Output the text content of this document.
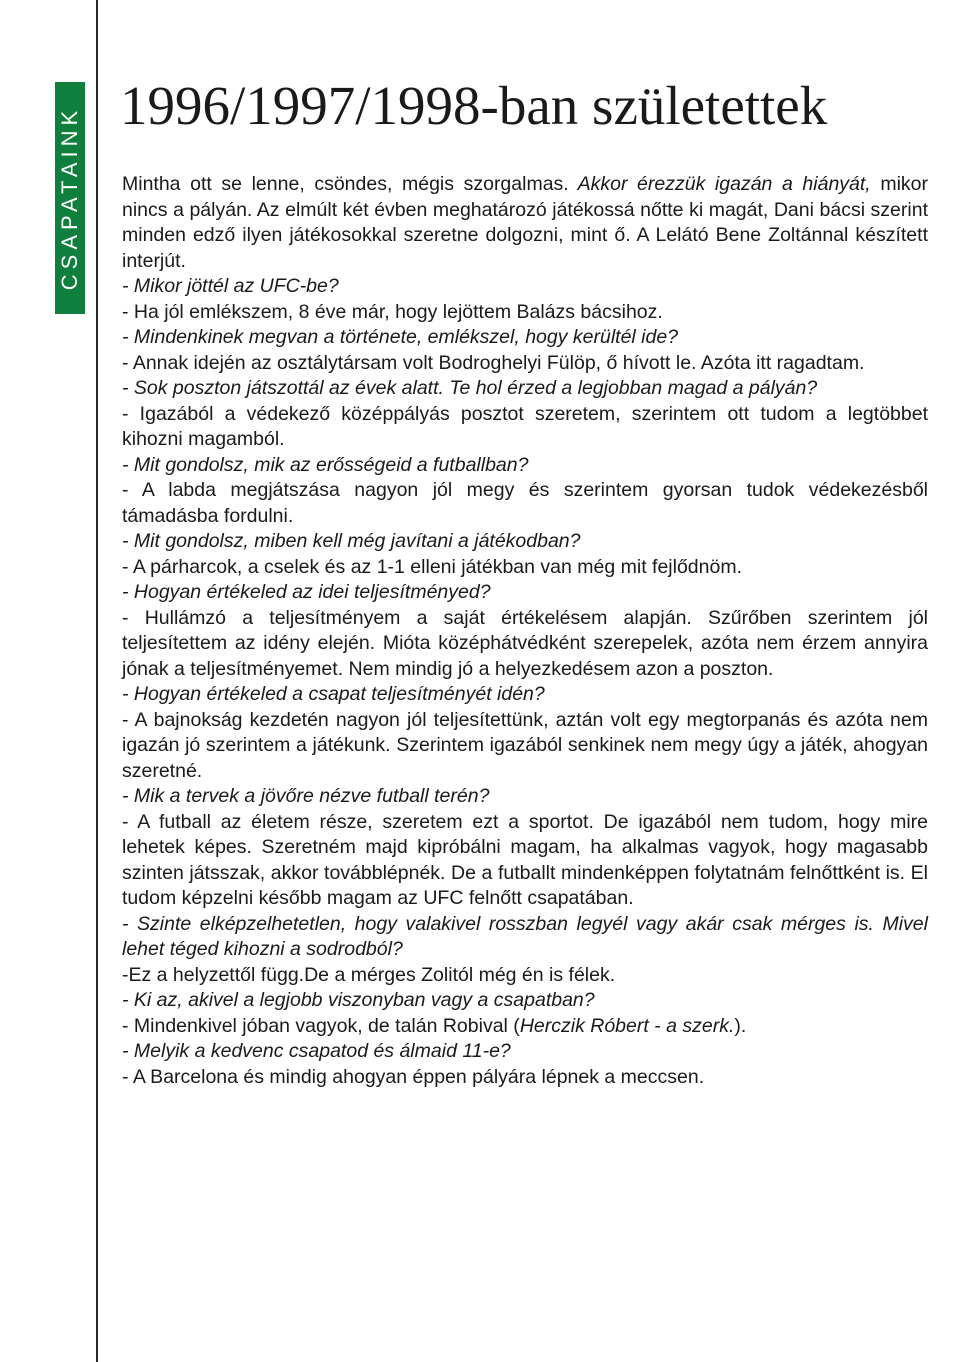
CSAPATAINK
1996/1997/1998-ban születettek

Mintha ott se lenne, csöndes, mégis szorgalmas. Akkor érezzük igazán a hiányát, mikor nincs a pályán. Az elmúlt két évben meghatározó játékossá nőtte ki magát, Dani bácsi szerint minden edző ilyen játékosokkal szeretne dolgozni, mint ő. A Lelátó Bene Zoltánnal készített interjút.

- Mikor jöttél az UFC-be?

- Ha jól emlékszem, 8 éve már, hogy lejöttem Balázs bácsihoz.

- Mindenkinek megvan a története, emlékszel, hogy kerültél ide?

- Annak idején az osztálytársam volt Bodroghelyi Fülöp, ő hívott le. Azóta itt ragadtam.

- Sok poszton játszottál az évek alatt. Te hol érzed a legjobban magad a pályán?

- Igazából a védekező középpályás posztot szeretem, szerintem ott tudom a legtöbbet kihozni magamból.

- Mit gondolsz, mik az erősségeid a futballban?

- A labda megjátszása nagyon jól megy és szerintem gyorsan tudok védekezésből támadásba fordulni.

- Mit gondolsz, miben kell még javítani a játékodban?

- A párharcok, a cselek és az 1-1 elleni játékban van még mit fejlődnöm.

- Hogyan értékeled az idei teljesítményed?

- Hullámzó a teljesítményem a saját értékelésem alapján. Szűrőben szerintem jól teljesítettem az idény elején. Mióta középhátvédként szerepelek, azóta nem érzem annyira jónak a teljesítményemet. Nem mindig jó a helyezkedésem azon a poszton.

- Hogyan értékeled a csapat teljesítményét idén?

- A bajnokság kezdetén nagyon jól teljesítettünk, aztán volt egy megtorpanás és azóta nem igazán jó szerintem a játékunk. Szerintem igazából senkinek nem megy úgy a játék, ahogyan szeretné.

- Mik a tervek a jövőre nézve futball terén?

- A futball az életem része, szeretem ezt a sportot. De igazából nem tudom, hogy mire lehetek képes. Szeretném majd kipróbálni magam, ha alkalmas vagyok, hogy magasabb szinten játsszak, akkor továbblépnék. De a futballt mindenképpen folytatnám felnőttként is. El tudom képzelni később magam az UFC felnőtt csapatában.

- Szinte elképzelhetetlen, hogy valakivel rosszban legyél vagy akár csak mérges is. Mivel lehet téged kihozni a sodrodból?

-Ez a helyzettől függ.De a mérges Zolitól még én is félek.

- Ki az, akivel a legjobb viszonyban vagy a csapatban?

- Mindenkivel jóban vagyok, de talán Robival (Herczik Róbert - a szerk.).

- Melyik a kedvenc csapatod és álmaid 11-e?

- A Barcelona és mindig ahogyan éppen pályára lépnek a meccsen.
